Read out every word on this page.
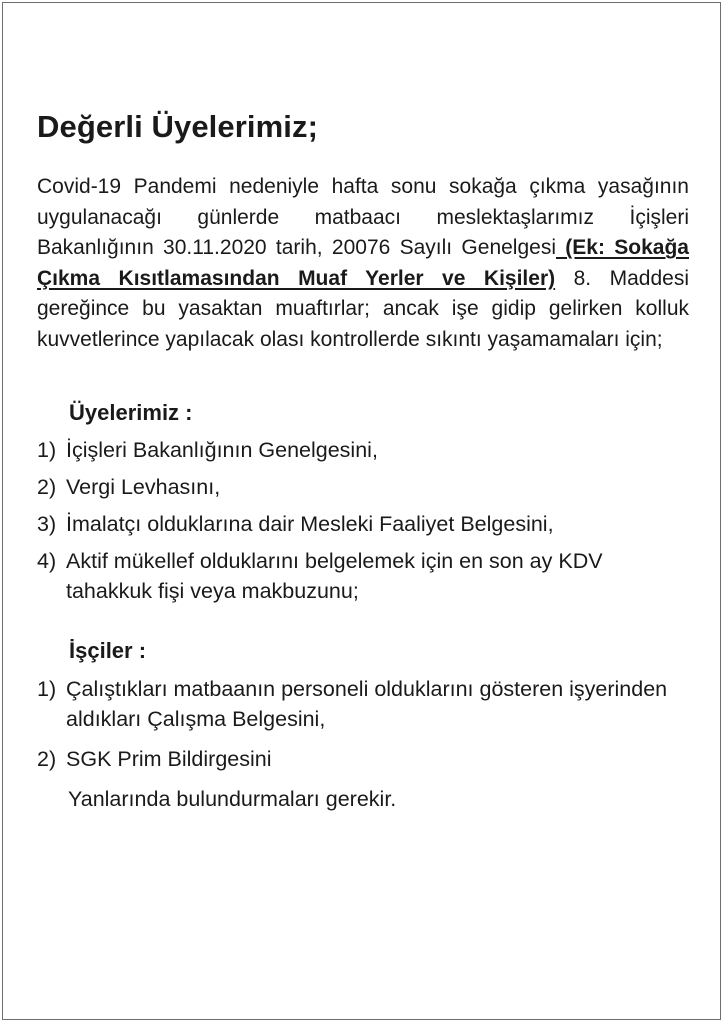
Değerli Üyelerimiz;

Covid-19 Pandemi nedeniyle hafta sonu sokağa çıkma yasağının uygulanacağı günlerde matbaacı meslektaşlarımız İçişleri Bakanlığının 30.11.2020 tarih, 20076 Sayılı Genelgesi (Ek: Sokağa Çıkma Kısıtlamasından Muaf Yerler ve Kişiler) 8. Maddesi gereğince bu yasaktan muaftırlar; ancak işe gidip gelirken kolluk kuvvetlerince yapılacak olası kontrollerde sıkıntı yaşamamaları için;

Üyelerimiz :
1) İçişleri Bakanlığının Genelgesini,
2) Vergi Levhasını,
3) İmalatçı olduklarına dair Mesleki Faaliyet Belgesini,
4) Aktif mükellef olduklarını belgelemek için en son ay KDV tahakkuk fişi veya makbuzunu;
İşçiler :
1) Çalıştıkları matbaanın personeli olduklarını gösteren işyerinden aldıkları Çalışma Belgesini,
2) SGK Prim Bildirgesini

Yanlarında bulundurmaları gerekir.
